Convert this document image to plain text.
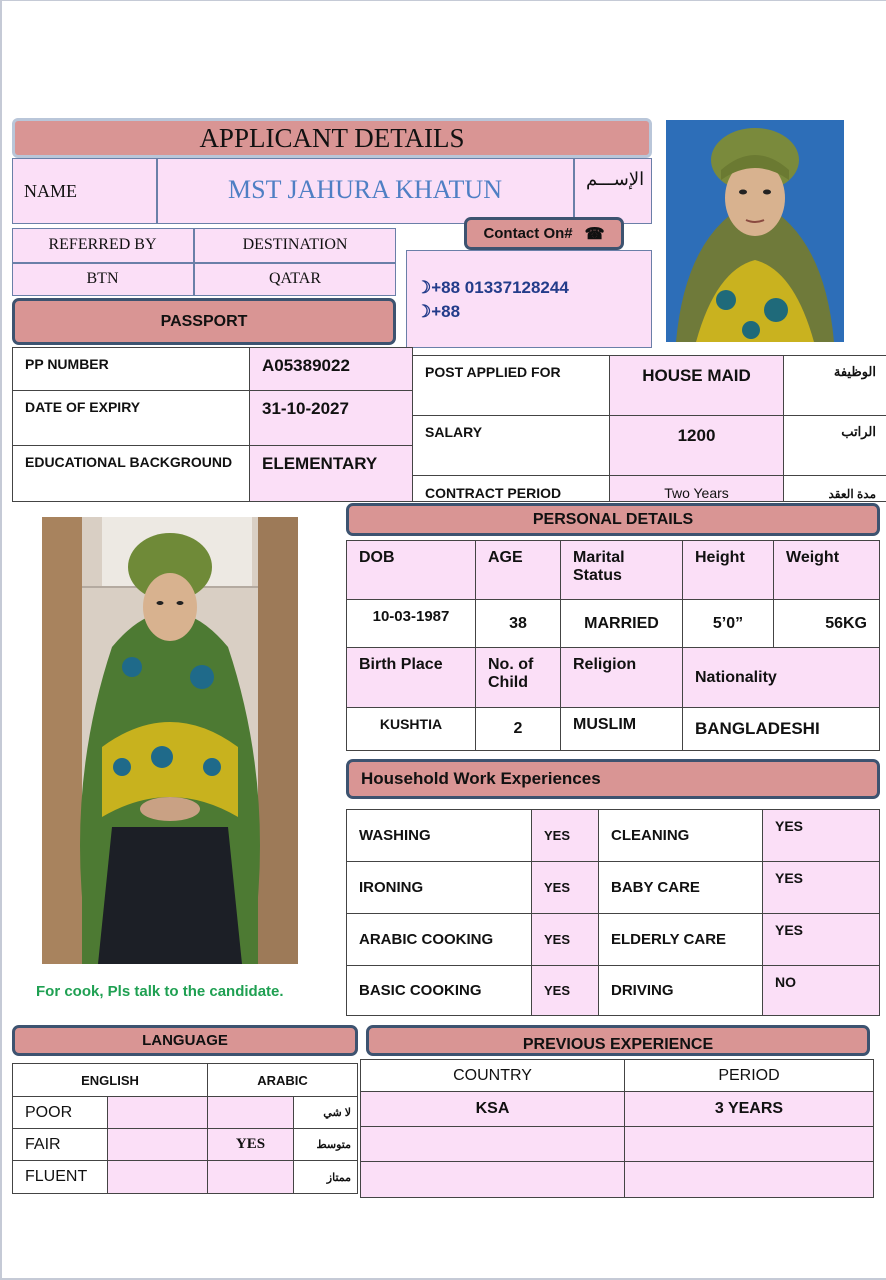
APPLICANT DETAILS
NAME	MST JAHURA KHATUN	الإســـم
REFERRED BY	DESTINATION
BTN	QATAR
Contact On# ☎
☽+88 01337128244
☽+88
PASSPORT
PP NUMBER	A05389022
DATE OF EXPIRY	31-10-2027
EDUCATIONAL BACKGROUND	ELEMENTARY
POST APPLIED FOR	HOUSE MAID	الوظيفة
SALARY	1200	الراتب
CONTRACT PERIOD	Two Years	مدة العقد
PERSONAL DETAILS
DOB	AGE	Marital Status	Height	Weight
10-03-1987	38	MARRIED	5’0”	56KG
Birth Place	No. of Child	Religion	Nationality	
KUSHTIA	2	MUSLIM	BANGLADESHI	
Household Work Experiences
WASHING	YES	CLEANING	YES
IRONING	YES	BABY CARE	YES
ARABIC COOKING	YES	ELDERLY CARE	YES
BASIC COOKING	YES	DRIVING	NO
For cook, Pls talk to the candidate.
LANGUAGE
ENGLISH		ARABIC	
POOR			لا شي
FAIR		YES	متوسط
FLUENT			ممتاز
PREVIOUS EXPERIENCE
COUNTRY	PERIOD
KSA	3 YEARS
